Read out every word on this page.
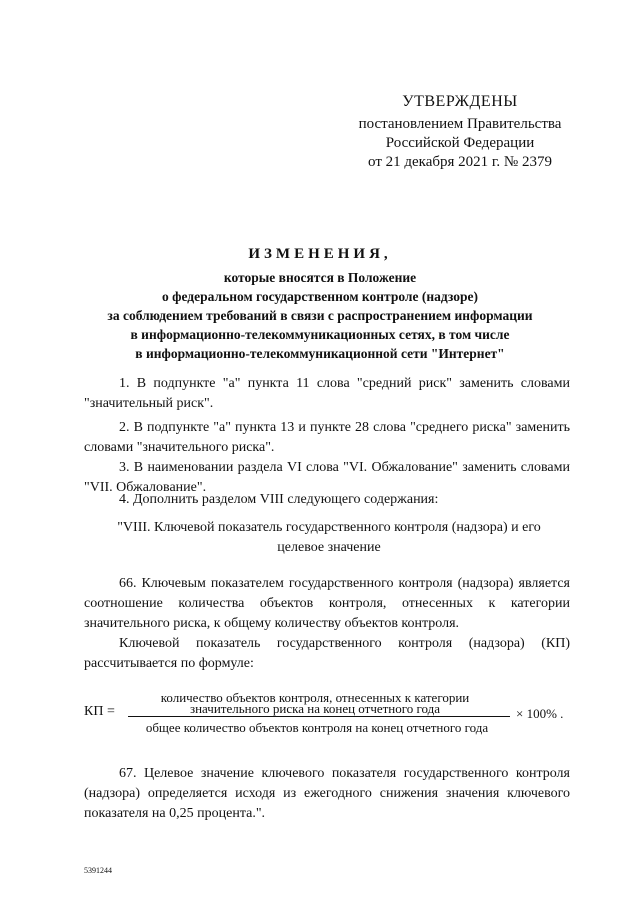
УТВЕРЖДЕНЫ
постановлением Правительства
Российской Федерации
от 21 декабря 2021 г. № 2379
ИЗМЕНЕНИЯ,
которые вносятся в Положение
о федеральном государственном контроле (надзоре)
за соблюдением требований в связи с распространением информации
в информационно-телекоммуникационных сетях, в том числе
в информационно-телекоммуникационной сети "Интернет"

1. В подпункте "а" пункта 11 слова "средний риск" заменить словами "значительный риск".

2. В подпункте "а" пункта 13 и пункте 28 слова "среднего риска" заменить словами "значительного риска".

3. В наименовании раздела VI слова "VI. Обжалование" заменить словами "VII. Обжалование".

4. Дополнить разделом VIII следующего содержания:

"VIII. Ключевой показатель государственного контроля (надзора) и его целевое значение

66. Ключевым показателем государственного контроля (надзора) является соотношение количества объектов контроля, отнесенных к категории значительного риска, к общему количеству объектов контроля.

Ключевой показатель государственного контроля (надзора) (КП) рассчитывается по формуле:

КП =
количество объектов контроля, отнесенных к категории
значительного риска на конец отчетного года
общее количество объектов контроля на конец отчетного года
× 100% .

67. Целевое значение ключевого показателя государственного контроля (надзора) определяется исходя из ежегодного снижения значения ключевого показателя на 0,25 процента.".

5391244
